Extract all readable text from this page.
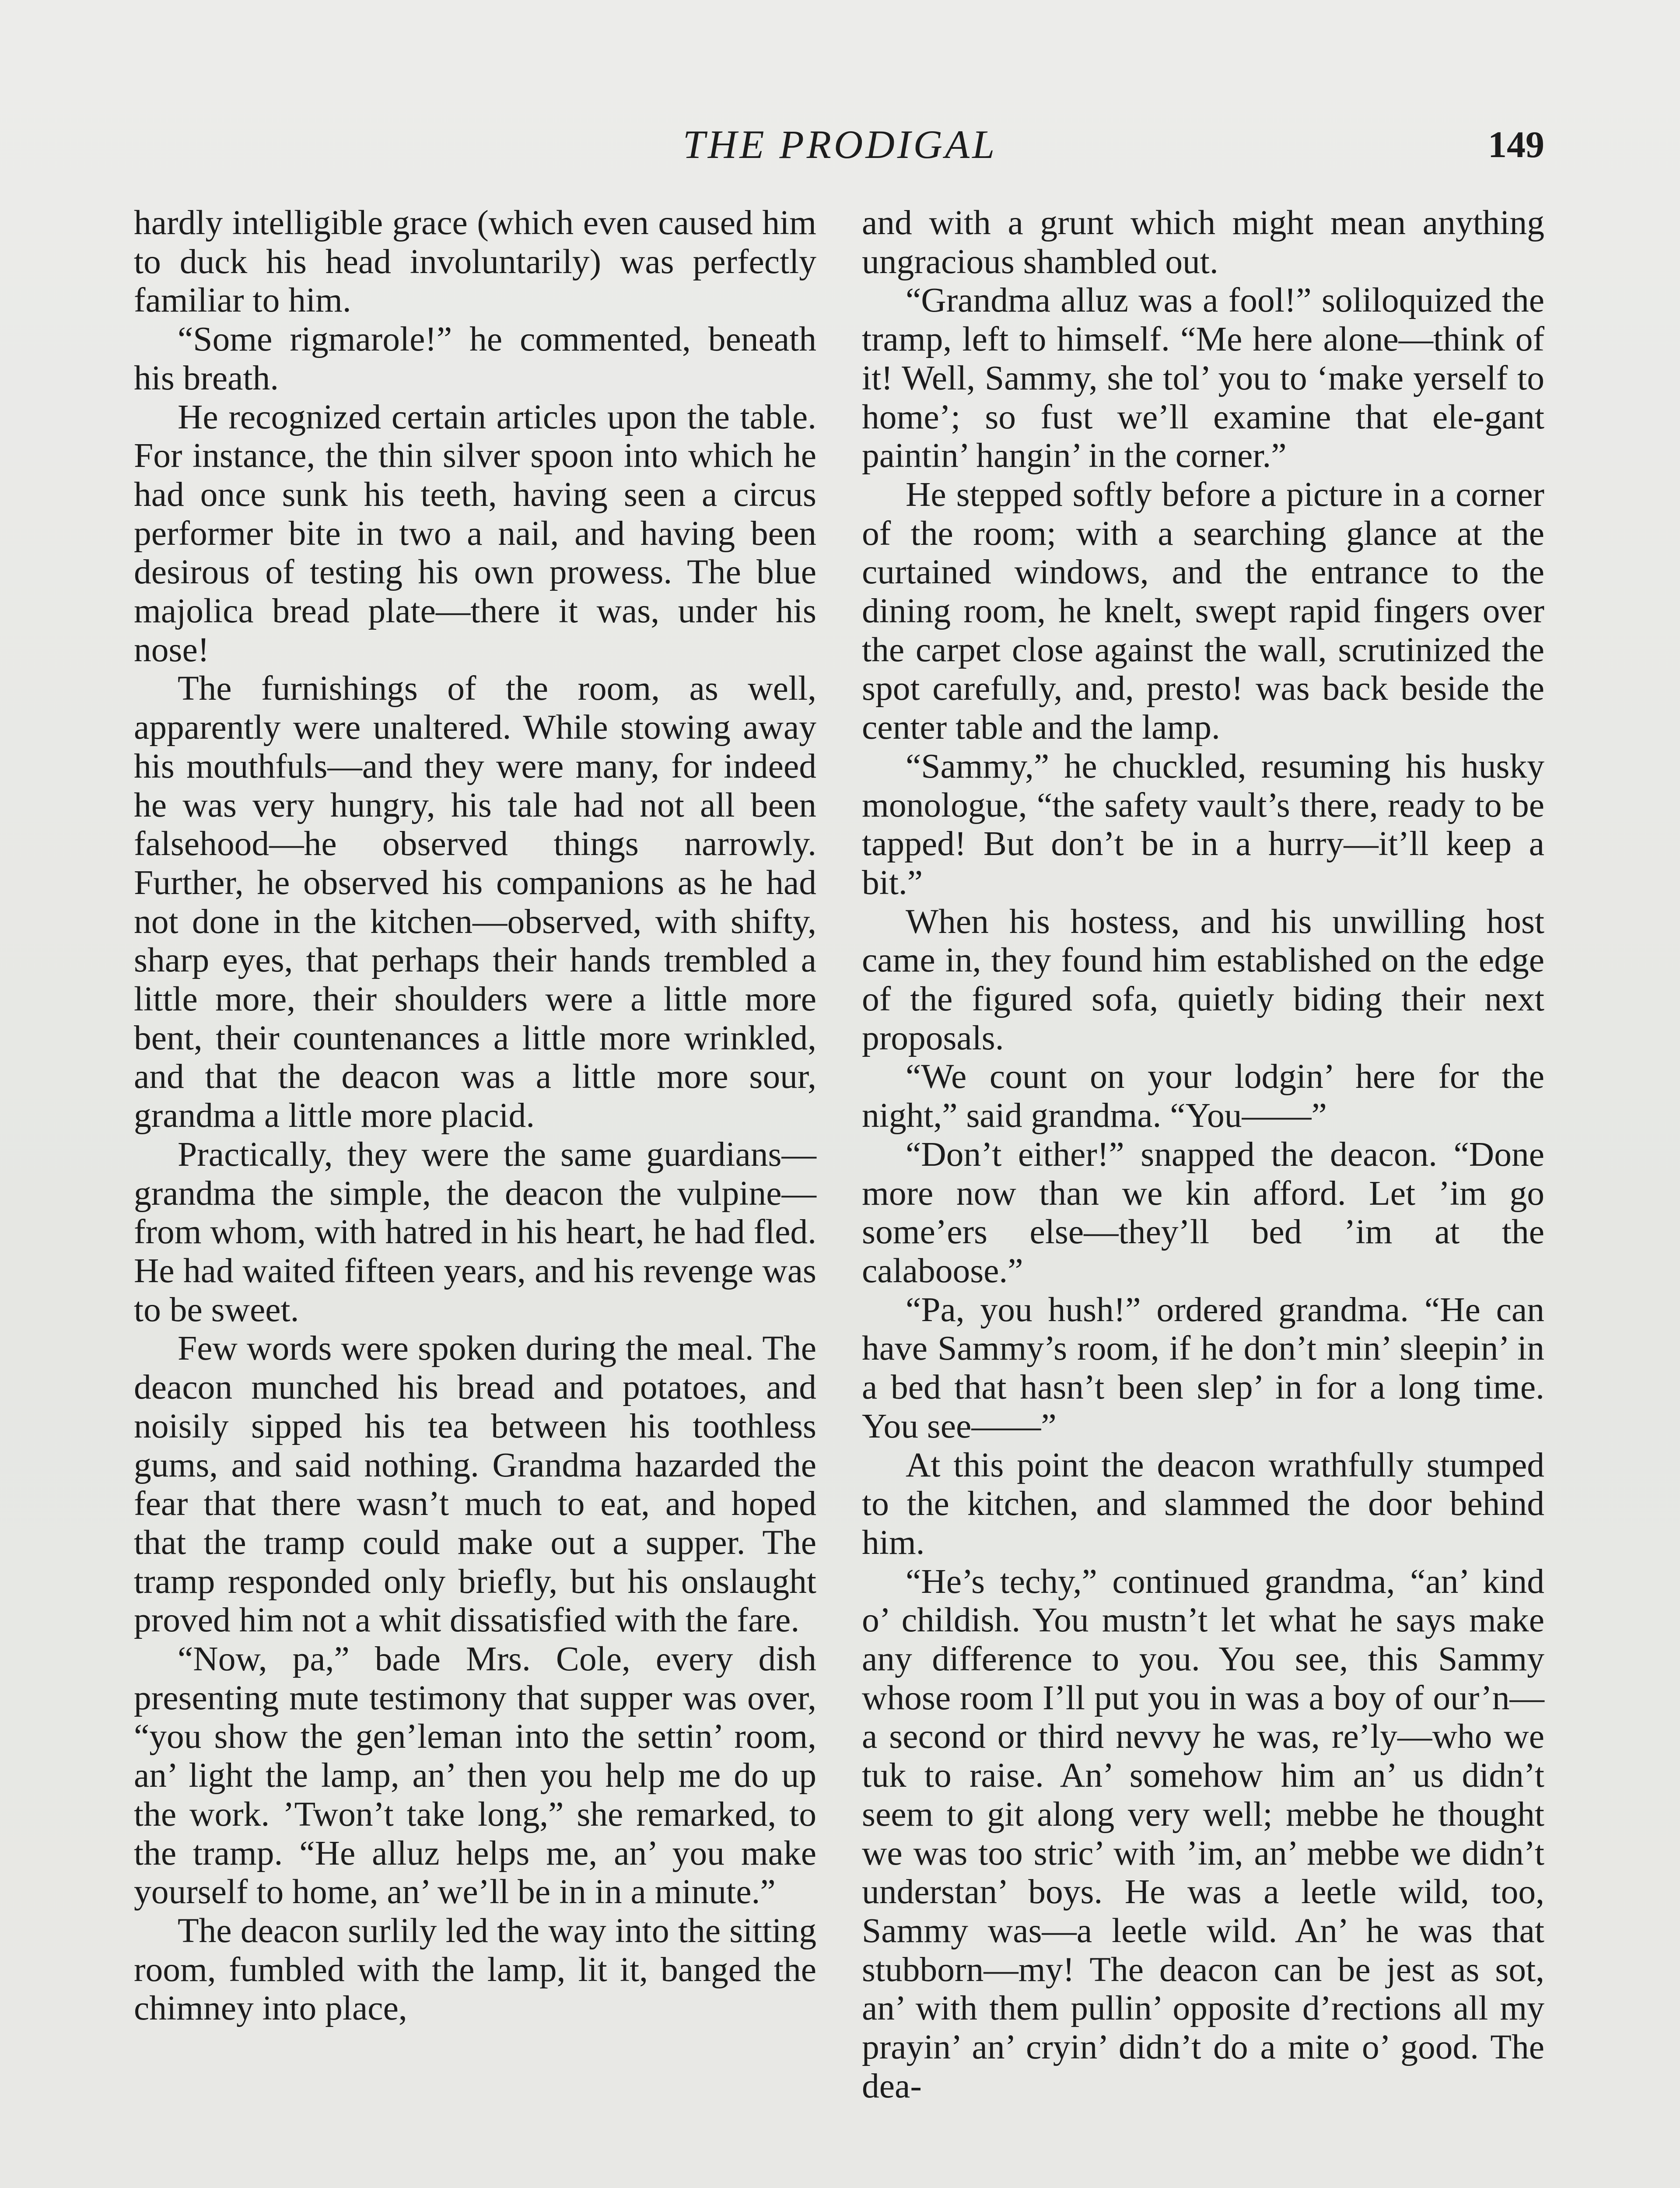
THE PRODIGAL	149

hardly intelligible grace (which even caused him to duck his head involuntarily) was perfectly familiar to him.

“Some rigmarole!” he commented, beneath his breath.

He recognized certain articles upon the table. For instance, the thin silver spoon into which he had once sunk his teeth, having seen a circus performer bite in two a nail, and having been desirous of testing his own prowess. The blue majolica bread plate—there it was, under his nose!

The furnishings of the room, as well, apparently were unaltered. While stowing away his mouthfuls—and they were many, for indeed he was very hungry, his tale had not all been falsehood—he observed things narrowly. Further, he observed his companions as he had not done in the kitchen—observed, with shifty, sharp eyes, that perhaps their hands trembled a little more, their shoulders were a little more bent, their countenances a little more wrinkled, and that the deacon was a little more sour, grandma a little more placid.

Practically, they were the same guardians—grandma the simple, the deacon the vulpine—from whom, with hatred in his heart, he had fled. He had waited fifteen years, and his revenge was to be sweet.

Few words were spoken during the meal. The deacon munched his bread and potatoes, and noisily sipped his tea between his toothless gums, and said nothing. Grandma hazarded the fear that there wasn’t much to eat, and hoped that the tramp could make out a supper. The tramp responded only briefly, but his onslaught proved him not a whit dissatisfied with the fare.

“Now, pa,” bade Mrs. Cole, every dish presenting mute testimony that supper was over, “you show the gen’leman into the settin’ room, an’ light the lamp, an’ then you help me do up the work. ’Twon’t take long,” she remarked, to the tramp. “He alluz helps me, an’ you make yourself to home, an’ we’ll be in in a minute.”

The deacon surlily led the way into the sitting room, fumbled with the lamp, lit it, banged the chimney into place,

and with a grunt which might mean anything ungracious shambled out.

“Grandma alluz was a fool!” soliloquized the tramp, left to himself. “Me here alone—think of it! Well, Sammy, she tol’ you to ‘make yerself to home’; so fust we’ll examine that ele-gant paintin’ hangin’ in the corner.”

He stepped softly before a picture in a corner of the room; with a searching glance at the curtained windows, and the entrance to the dining room, he knelt, swept rapid fingers over the carpet close against the wall, scrutinized the spot carefully, and, presto! was back beside the center table and the lamp.

“Sammy,” he chuckled, resuming his husky monologue, “the safety vault’s there, ready to be tapped! But don’t be in a hurry—it’ll keep a bit.”

When his hostess, and his unwilling host came in, they found him established on the edge of the figured sofa, quietly biding their next proposals.

“We count on your lodgin’ here for the night,” said grandma. “You——”

“Don’t either!” snapped the deacon. “Done more now than we kin afford. Let ’im go some’ers else—they’ll bed ’im at the calaboose.”

“Pa, you hush!” ordered grandma. “He can have Sammy’s room, if he don’t min’ sleepin’ in a bed that hasn’t been slep’ in for a long time. You see——”

At this point the deacon wrathfully stumped to the kitchen, and slammed the door behind him.

“He’s techy,” continued grandma, “an’ kind o’ childish. You mustn’t let what he says make any difference to you. You see, this Sammy whose room I’ll put you in was a boy of our’n—a second or third nevvy he was, re’ly—who we tuk to raise. An’ somehow him an’ us didn’t seem to git along very well; mebbe he thought we was too stric’ with ’im, an’ mebbe we didn’t understan’ boys. He was a leetle wild, too, Sammy was—a leetle wild. An’ he was that stubborn—my! The deacon can be jest as sot, an’ with them pullin’ opposite d’rections all my prayin’ an’ cryin’ didn’t do a mite o’ good. The dea-
